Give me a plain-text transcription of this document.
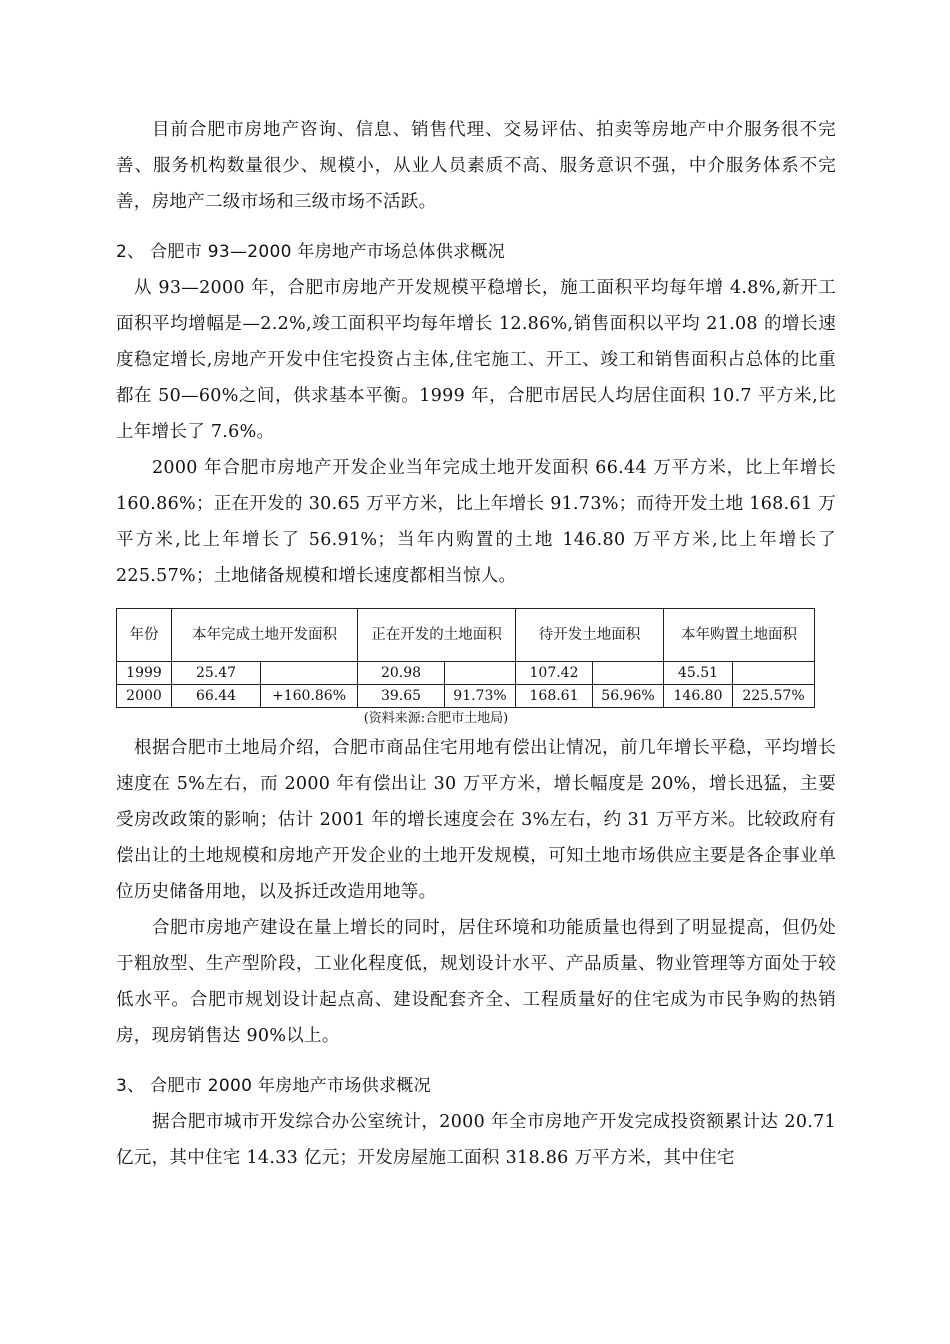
目前合肥市房地产咨询、信息、销售代理、交易评估、拍卖等房地产中介服务很不完善、服务机构数量很少、规模小，从业人员素质不高、服务意识不强，中介服务体系不完善，房地产二级市场和三级市场不活跃。

2、 合肥市 93—2000 年房地产市场总体供求概况

从 93—2000 年，合肥市房地产开发规模平稳增长，施工面积平均每年增 4.8%,新开工面积平均增幅是—2.2%,竣工面积平均每年增长 12.86%,销售面积以平均 21.08 的增长速度稳定增长,房地产开发中住宅投资占主体,住宅施工、开工、竣工和销售面积占总体的比重都在 50—60%之间，供求基本平衡。1999 年，合肥市居民人均居住面积 10.7 平方米,比上年增长了 7.6%。

2000 年合肥市房地产开发企业当年完成土地开发面积 66.44 万平方米，比上年增长 160.86%；正在开发的 30.65 万平方米，比上年增长 91.73%；而待开发土地 168.61 万平方米,比上年增长了 56.91%；当年内购置的土地 146.80 万平方米,比上年增长了 225.57%；土地储备规模和增长速度都相当惊人。

年份	本年完成土地开发面积		正在开发的土地面积		待开发土地面积		本年购置土地面积	
1999	25.47		20.98		107.42		45.51	
2000	66.44	+160.86%	39.65	91.73%	168.61	56.96%	146.80	225.57%
(资料来源:合肥市土地局)

根据合肥市土地局介绍，合肥市商品住宅用地有偿出让情况，前几年增长平稳，平均增长速度在 5%左右，而 2000 年有偿出让 30 万平方米，增长幅度是 20%，增长迅猛，主要受房改政策的影响；估计 2001 年的增长速度会在 3%左右，约 31 万平方米。比较政府有偿出让的土地规模和房地产开发企业的土地开发规模，可知土地市场供应主要是各企事业单位历史储备用地，以及拆迁改造用地等。

合肥市房地产建设在量上增长的同时，居住环境和功能质量也得到了明显提高，但仍处于粗放型、生产型阶段，工业化程度低，规划设计水平、产品质量、物业管理等方面处于较低水平。合肥市规划设计起点高、建设配套齐全、工程质量好的住宅成为市民争购的热销房，现房销售达 90%以上。

3、 合肥市 2000 年房地产市场供求概况

据合肥市城市开发综合办公室统计，2000 年全市房地产开发完成投资额累计达 20.71 亿元，其中住宅 14.33 亿元；开发房屋施工面积 318.86 万平方米，其中住宅
